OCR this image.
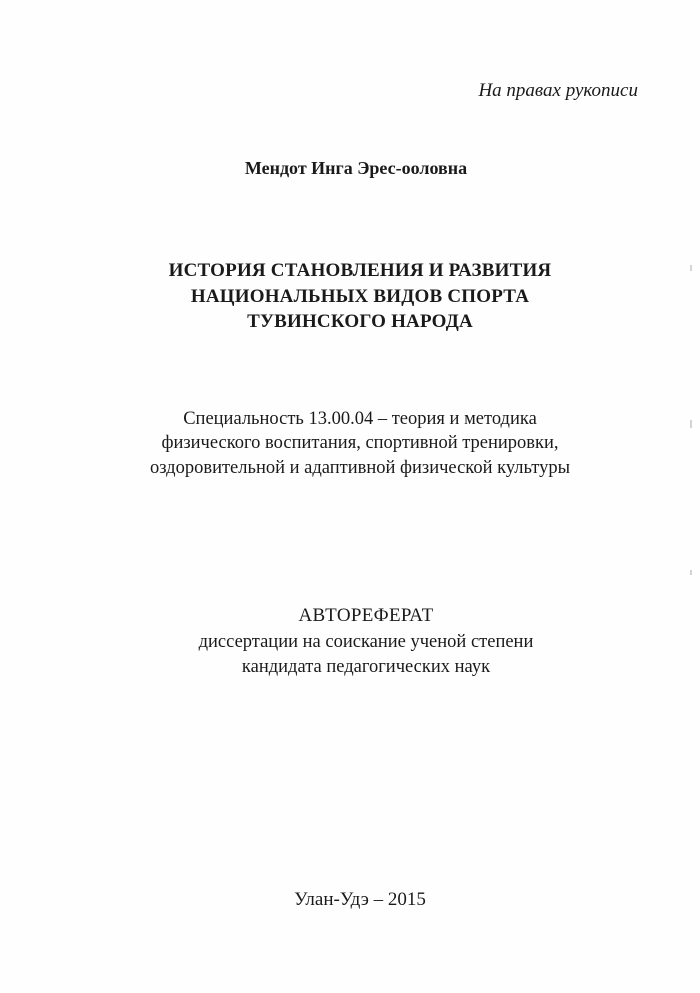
На правах рукописи
Мендот Инга Эрес-ооловна
ИСТОРИЯ СТАНОВЛЕНИЯ И РАЗВИТИЯ
НАЦИОНАЛЬНЫХ ВИДОВ СПОРТА
ТУВИНСКОГО НАРОДА
Специальность 13.00.04 – теория и методика
физического воспитания, спортивной тренировки,
оздоровительной и адаптивной физической культуры
АВТОРЕФЕРАТ
диссертации на соискание ученой степени
кандидата педагогических наук
Улан-Удэ – 2015
